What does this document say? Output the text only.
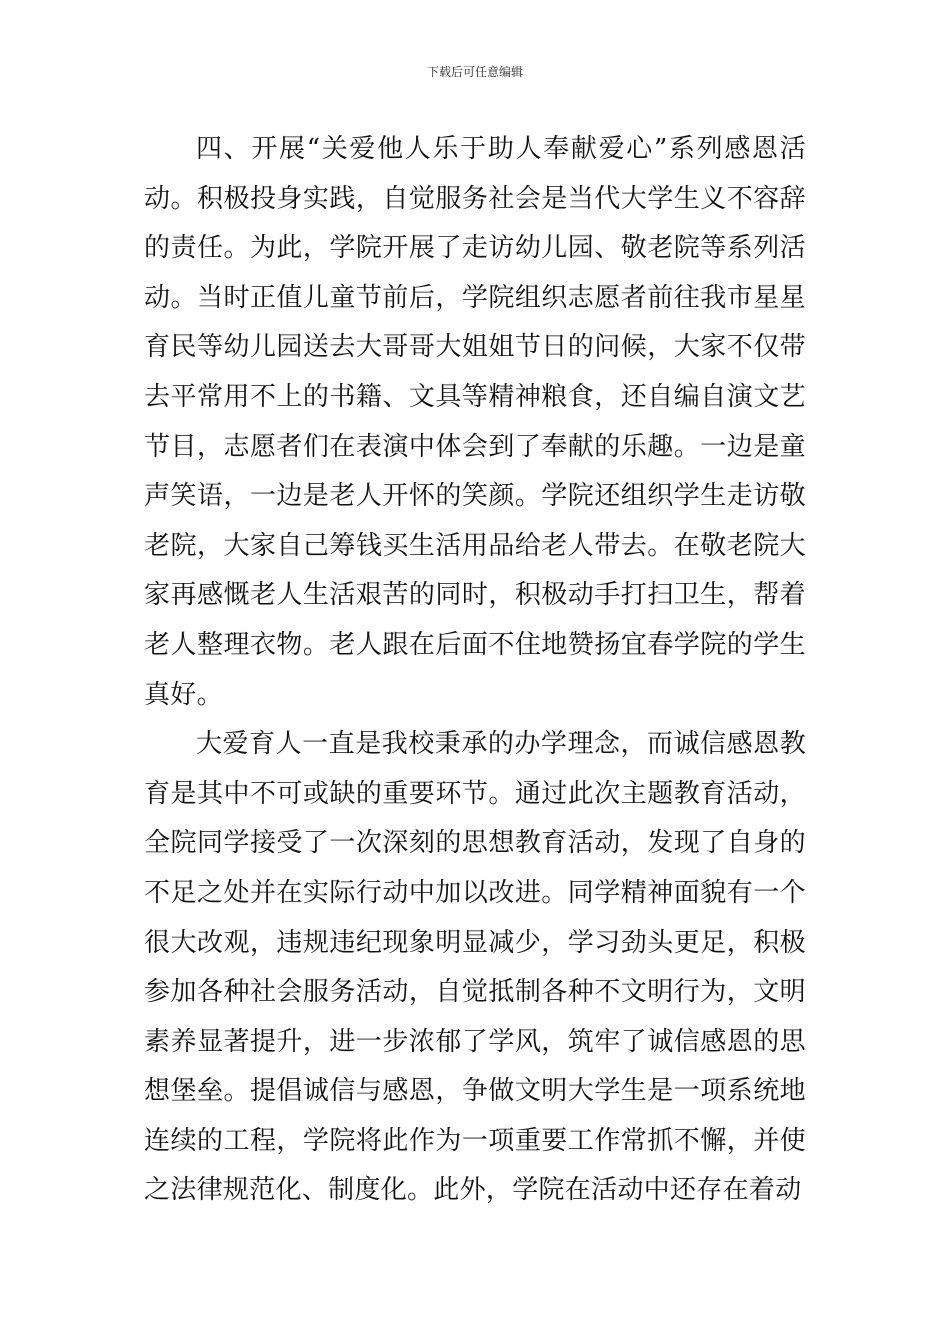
下载后可任意编辑

四、开展“关爱他人乐于助人奉献爱心”系列感恩活动。积极投身实践，自觉服务社会是当代大学生义不容辞的责任。为此，学院开展了走访幼儿园、敬老院等系列活动。当时正值儿童节前后，学院组织志愿者前往我市星星育民等幼儿园送去大哥哥大姐姐节日的问候，大家不仅带去平常用不上的书籍、文具等精神粮食，还自编自演文艺节目，志愿者们在表演中体会到了奉献的乐趣。一边是童声笑语，一边是老人开怀的笑颜。学院还组织学生走访敬老院，大家自己筹钱买生活用品给老人带去。在敬老院大家再感慨老人生活艰苦的同时，积极动手打扫卫生，帮着老人整理衣物。老人跟在后面不住地赞扬宜春学院的学生真好。

大爱育人一直是我校秉承的办学理念，而诚信感恩教育是其中不可或缺的重要环节。通过此次主题教育活动，全院同学接受了一次深刻的思想教育活动，发现了自身的不足之处并在实际行动中加以改进。同学精神面貌有一个很大改观，违规违纪现象明显减少，学习劲头更足，积极参加各种社会服务活动，自觉抵制各种不文明行为，文明素养显著提升，进一步浓郁了学风，筑牢了诚信感恩的思想堡垒。提倡诚信与感恩，争做文明大学生是一项系统地连续的工程，学院将此作为一项重要工作常抓不懈，并使之法律规范化、制度化。此外，学院在活动中还存在着动
